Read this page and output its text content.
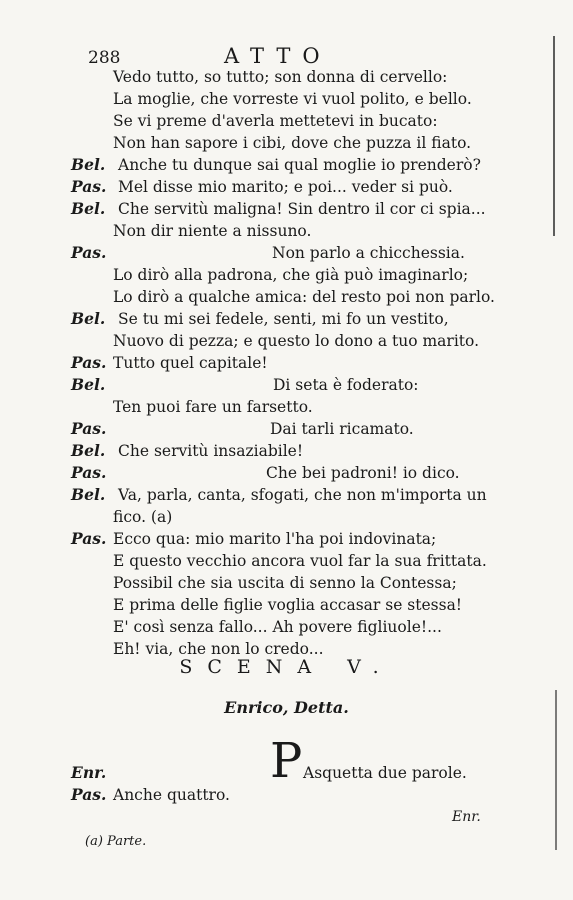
288	ATTO
Vedo tutto, so tutto; son donna di cervello:
La moglie, che vorreste vi vuol polito, e bello.
Se vi preme d'averla mettetevi in bucato:
Non han sapore i cibi, dove che puzza il fiato.
Bel. Anche tu dunque sai qual moglie io prenderò?
Pas. Mel disse mio marito; e poi... veder si può.
Bel. Che servitù maligna! Sin dentro il cor ci spia...
Non dir niente a nissuno.
Pas.	Non parlo a chicchessia.
Lo dirò alla padrona, che già può imaginarlo;
Lo dirò a qualche amica: del resto poi non parlo.
Bel. Se tu mi sei fedele, senti, mi fo un vestito,
Nuovo di pezza; e questo lo dono a tuo marito.
Pas. Tutto quel capitale!
Bel.	Di seta è foderato:
Ten puoi fare un farsetto.
Pas.	Dai tarli ricamato.
Bel. Che servitù insaziabile!
Pas.	Che bei padroni! io dico.
Bel. Va, parla, canta, sfogati, che non m'importa un
fico. (a)
Pas. Ecco qua: mio marito l'ha poi indovinata;
E questo vecchio ancora vuol far la sua frittata.
Possibil che sia uscita di senno la Contessa;
E prima delle figlie voglia accasar se stessa!
E' così senza fallo... Ah povere figliuole!...
Eh! via, che non lo credo...
SCENA V.
Enrico, Detta.
Enr.	P Asquetta due parole.
Pas. Anche quattro.
Enr.
(a) Parte.
